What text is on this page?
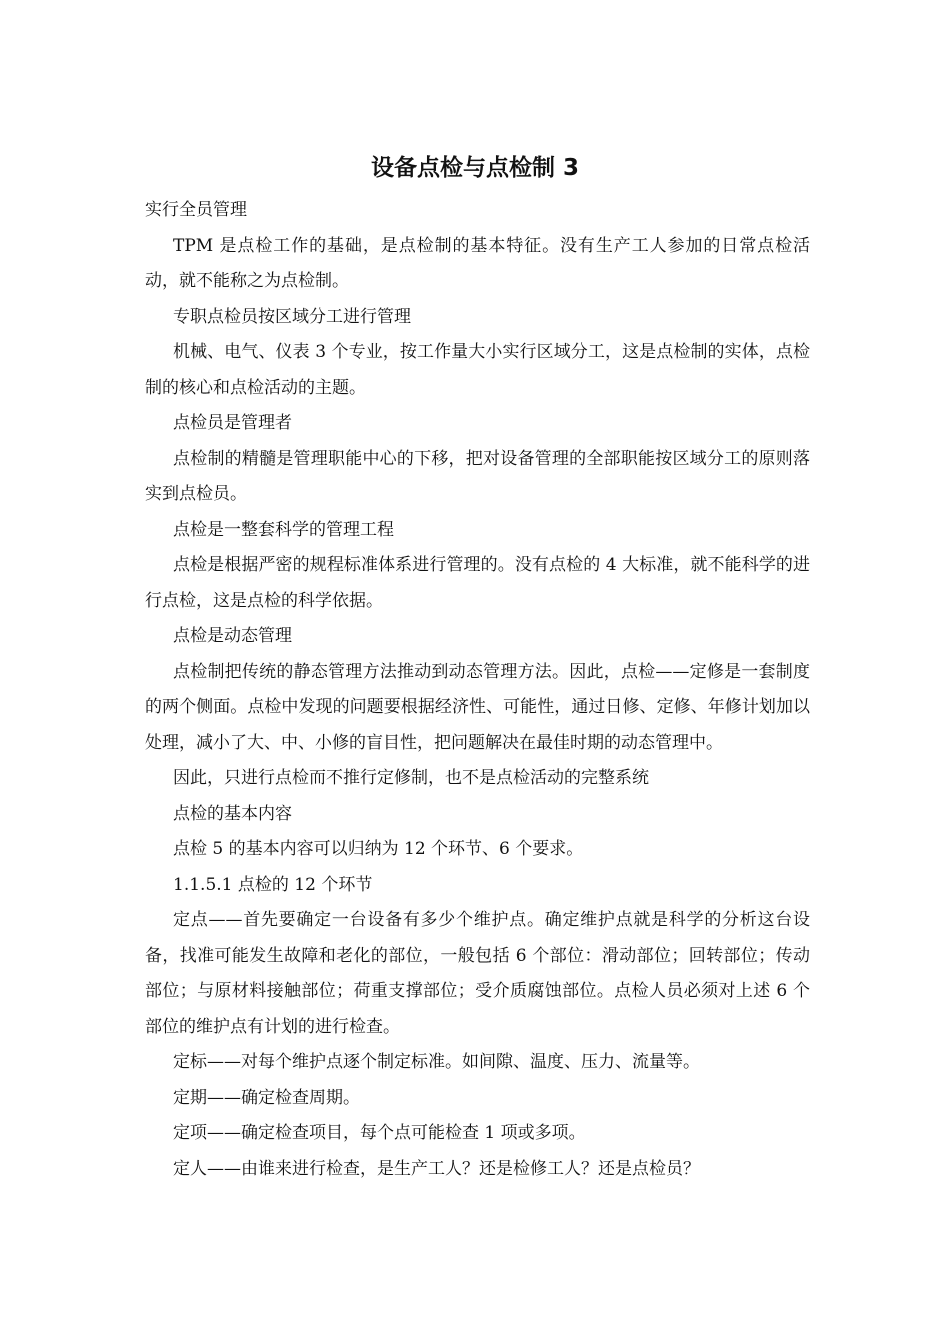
设备点检与点检制 3

实行全员管理

TPM 是点检工作的基础，是点检制的基本特征。没有生产工人参加的日常点检活动，就不能称之为点检制。

专职点检员按区域分工进行管理

机械、电气、仪表 3 个专业，按工作量大小实行区域分工，这是点检制的实体，点检制的核心和点检活动的主题。

点检员是管理者

点检制的精髓是管理职能中心的下移，把对设备管理的全部职能按区域分工的原则落实到点检员。

点检是一整套科学的管理工程

点检是根据严密的规程标准体系进行管理的。没有点检的 4 大标准，就不能科学的进行点检，这是点检的科学依据。

点检是动态管理

点检制把传统的静态管理方法推动到动态管理方法。因此，点检——定修是一套制度的两个侧面。点检中发现的问题要根据经济性、可能性，通过日修、定修、年修计划加以处理，减小了大、中、小修的盲目性，把问题解决在最佳时期的动态管理中。

因此，只进行点检而不推行定修制，也不是点检活动的完整系统

点检的基本内容

点检 5 的基本内容可以归纳为 12 个环节、6 个要求。

1.1.5.1 点检的 12 个环节

定点——首先要确定一台设备有多少个维护点。确定维护点就是科学的分析这台设备，找准可能发生故障和老化的部位，一般包括 6 个部位：滑动部位；回转部位；传动部位；与原材料接触部位；荷重支撑部位；受介质腐蚀部位。点检人员必须对上述 6 个部位的维护点有计划的进行检查。

定标——对每个维护点逐个制定标准。如间隙、温度、压力、流量等。

定期——确定检查周期。

定项——确定检查项目，每个点可能检查 1 项或多项。

定人——由谁来进行检查，是生产工人？还是检修工人？还是点检员？
